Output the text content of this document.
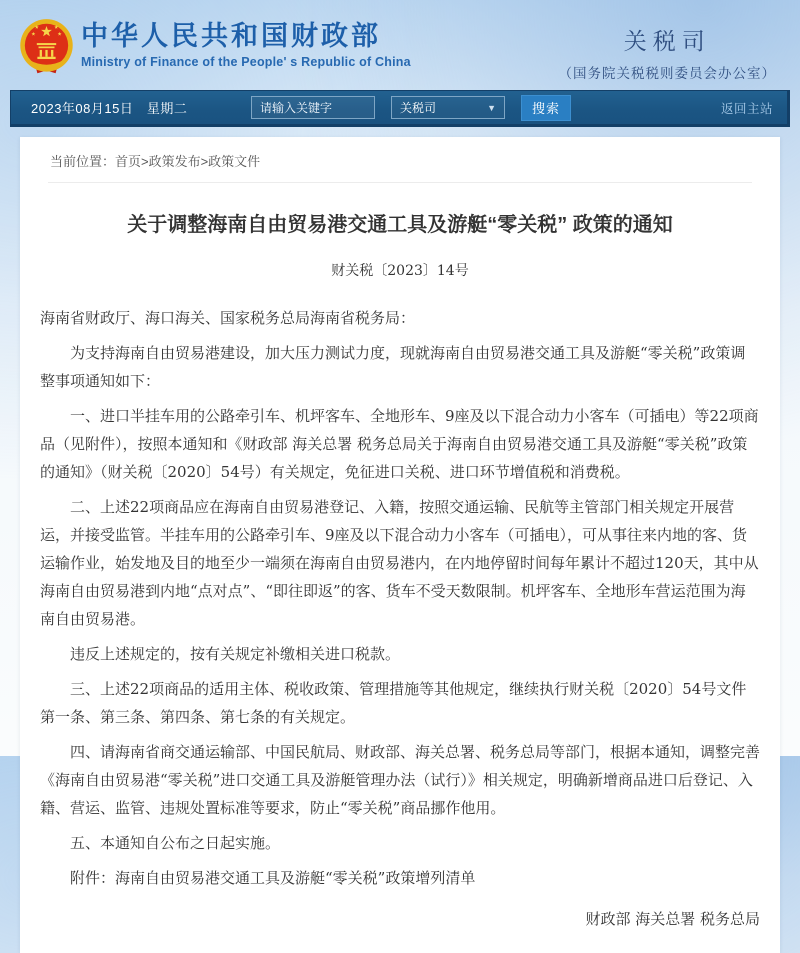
中华人民共和国财政部
Ministry of Finance of the People' s Republic of China
关税司
（国务院关税税则委员会办公室）
2023年08月15日　星期二
请输入关键字	关税司	▼	搜索	返回主站
当前位置：首页>政策发布>政策文件
关于调整海南自由贸易港交通工具及游艇“零关税” 政策的通知
财关税〔2023〕14号

海南省财政厅、海口海关、国家税务总局海南省税务局：

为支持海南自由贸易港建设，加大压力测试力度，现就海南自由贸易港交通工具及游艇“零关税”政策调整事项通知如下：

一、进口半挂车用的公路牵引车、机坪客车、全地形车、9座及以下混合动力小客车（可插电）等22项商品（见附件），按照本通知和《财政部 海关总署 税务总局关于海南自由贸易港交通工具及游艇“零关税”政策的通知》（财关税〔2020〕54号）有关规定，免征进口关税、进口环节增值税和消费税。

二、上述22项商品应在海南自由贸易港登记、入籍，按照交通运输、民航等主管部门相关规定开展营运，并接受监管。半挂车用的公路牵引车、9座及以下混合动力小客车（可插电），可从事往来内地的客、货运输作业，始发地及目的地至少一端须在海南自由贸易港内，在内地停留时间每年累计不超过120天，其中从海南自由贸易港到内地“点对点”、“即往即返”的客、货车不受天数限制。机坪客车、全地形车营运范围为海南自由贸易港。

违反上述规定的，按有关规定补缴相关进口税款。

三、上述22项商品的适用主体、税收政策、管理措施等其他规定，继续执行财关税〔2020〕54号文件第一条、第三条、第四条、第七条的有关规定。

四、请海南省商交通运输部、中国民航局、财政部、海关总署、税务总局等部门，根据本通知，调整完善《海南自由贸易港“零关税”进口交通工具及游艇管理办法（试行）》相关规定，明确新增商品进口后登记、入籍、营运、监管、违规处置标准等要求，防止“零关税”商品挪作他用。

五、本通知自公布之日起实施。

附件：海南自由贸易港交通工具及游艇“零关税”政策增列清单

财政部 海关总署 税务总局
